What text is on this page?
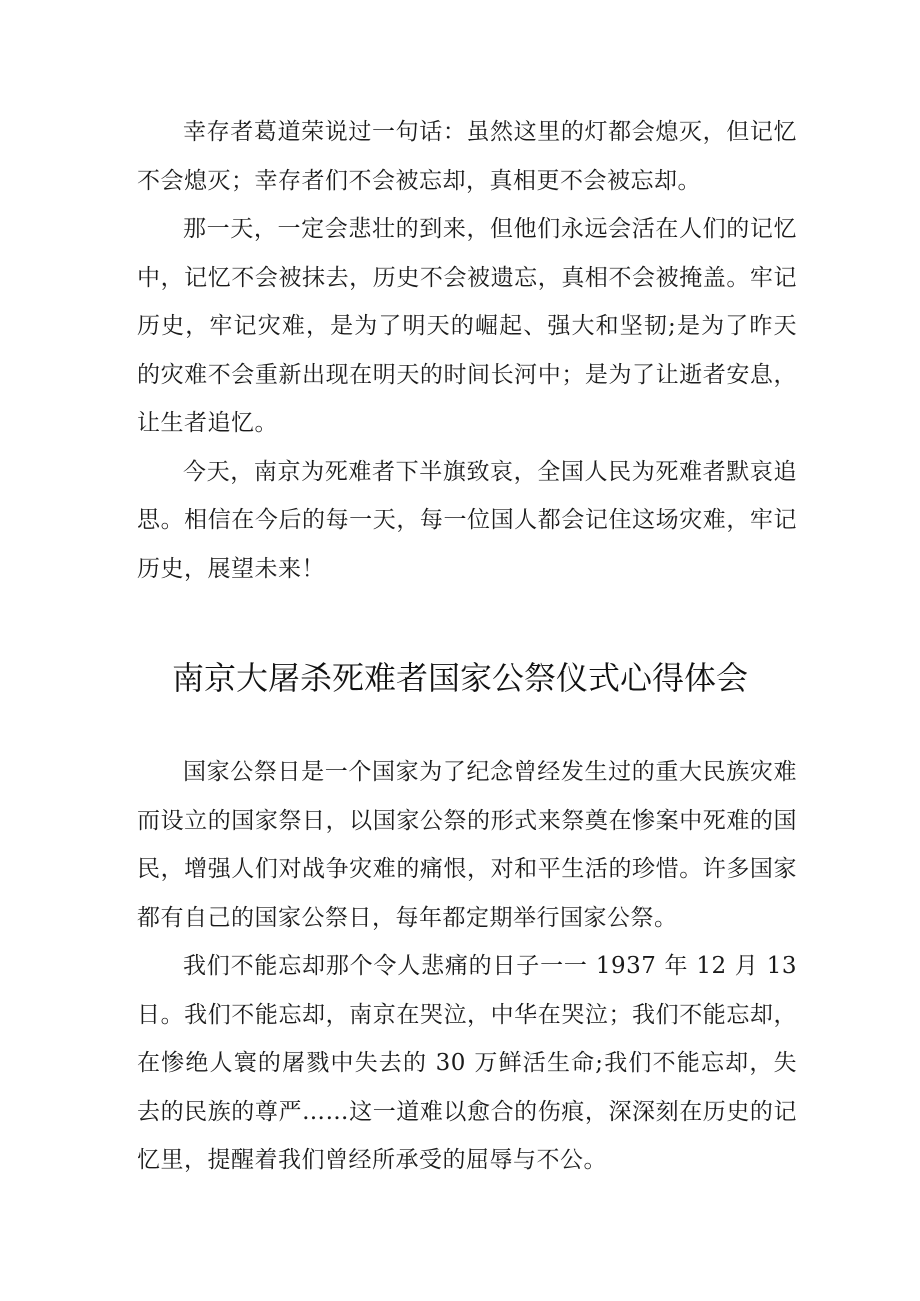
幸存者葛道荣说过一句话：虽然这里的灯都会熄灭，但记忆不会熄灭；幸存者们不会被忘却，真相更不会被忘却。

那一天，一定会悲壮的到来，但他们永远会活在人们的记忆中，记忆不会被抹去，历史不会被遗忘，真相不会被掩盖。牢记历史，牢记灾难，是为了明天的崛起、强大和坚韧;是为了昨天的灾难不会重新出现在明天的时间长河中；是为了让逝者安息，让生者追忆。

今天，南京为死难者下半旗致哀，全国人民为死难者默哀追思。相信在今后的每一天，每一位国人都会记住这场灾难，牢记历史，展望未来！

南京大屠杀死难者国家公祭仪式心得体会

国家公祭日是一个国家为了纪念曾经发生过的重大民族灾难而设立的国家祭日，以国家公祭的形式来祭奠在惨案中死难的国民，增强人们对战争灾难的痛恨，对和平生活的珍惜。许多国家都有自己的国家公祭日，每年都定期举行国家公祭。

我们不能忘却那个令人悲痛的日子一一 1937 年 12 月 13 日。我们不能忘却，南京在哭泣，中华在哭泣；我们不能忘却，在惨绝人寰的屠戮中失去的 30 万鲜活生命;我们不能忘却，失去的民族的尊严……这一道难以愈合的伤痕，深深刻在历史的记忆里，提醒着我们曾经所承受的屈辱与不公。
